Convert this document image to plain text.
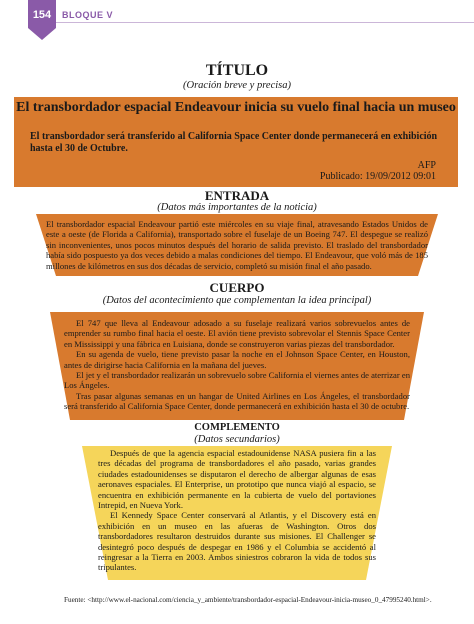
154	BLOQUE V
TÍTULO
(Oración breve y precisa)
El transbordador espacial Endeavour inicia su vuelo final hacia un museo
El transbordador será transferido al California Space Center donde permanecerá en exhibición hasta el 30 de Octubre.
AFP
Publicado: 19/09/2012 09:01
ENTRADA
(Datos más importantes de la noticia)
El transbordador espacial Endeavour partió este miércoles en su viaje final, atravesando Estados Unidos de este a oeste (de Florida a California), transportado sobre el fuselaje de un Boeing 747. El despegue se realizó sin inconvenientes, unos pocos minutos después del horario de salida previsto. El traslado del transbordador había sido pospuesto ya dos veces debido a malas condiciones del tiempo. El Endeavour, que voló más de 185 millones de kilómetros en sus dos décadas de servicio, completó su misión final el año pasado.
CUERPO
(Datos del acontecimiento que complementan la idea principal)

El 747 que lleva al Endeavour adosado a su fuselaje realizará varios sobrevuelos antes de emprender su rumbo final hacia el oeste. El avión tiene previsto sobrevolar el Stennis Space Center en Mississippi y una fábrica en Luisiana, donde se construyeron varias piezas del transbordador.

En su agenda de vuelo, tiene previsto pasar la noche en el Johnson Space Center, en Houston, antes de dirigirse hacia California en la mañana del jueves.

El jet y el transbordador realizarán un sobrevuelo sobre California el viernes antes de aterrizar en Los Ángeles.

Tras pasar algunas semanas en un hangar de United Airlines en Los Ángeles, el transbordador será transferido al California Space Center, donde permanecerá en exhibición hasta el 30 de octubre.

COMPLEMENTO
(Datos secundarios)

Después de que la agencia espacial estadounidense NASA pusiera fin a las tres décadas del programa de transbordadores el año pasado, varias grandes ciudades estadounidenses se disputaron el derecho de albergar algunas de esas aeronaves espaciales. El Enterprise, un prototipo que nunca viajó al espacio, se encuentra en exhibición permanente en la cubierta de vuelo del portaviones Intrepid, en Nueva York.

El Kennedy Space Center conservará al Atlantis, y el Discovery está en exhibición en un museo en las afueras de Washington. Otros dos transbordadores resultaron destruidos durante sus misiones. El Challenger se desintegró poco después de despegar en 1986 y el Columbia se accidentó al reingresar a la Tierra en 2003. Ambos siniestros cobraron la vida de todos sus tripulantes.

Fuente: <http://www.el-nacional.com/ciencia_y_ambiente/transbordador-espacial-Endeavour-inicia-museo_0_47995240.html>.
